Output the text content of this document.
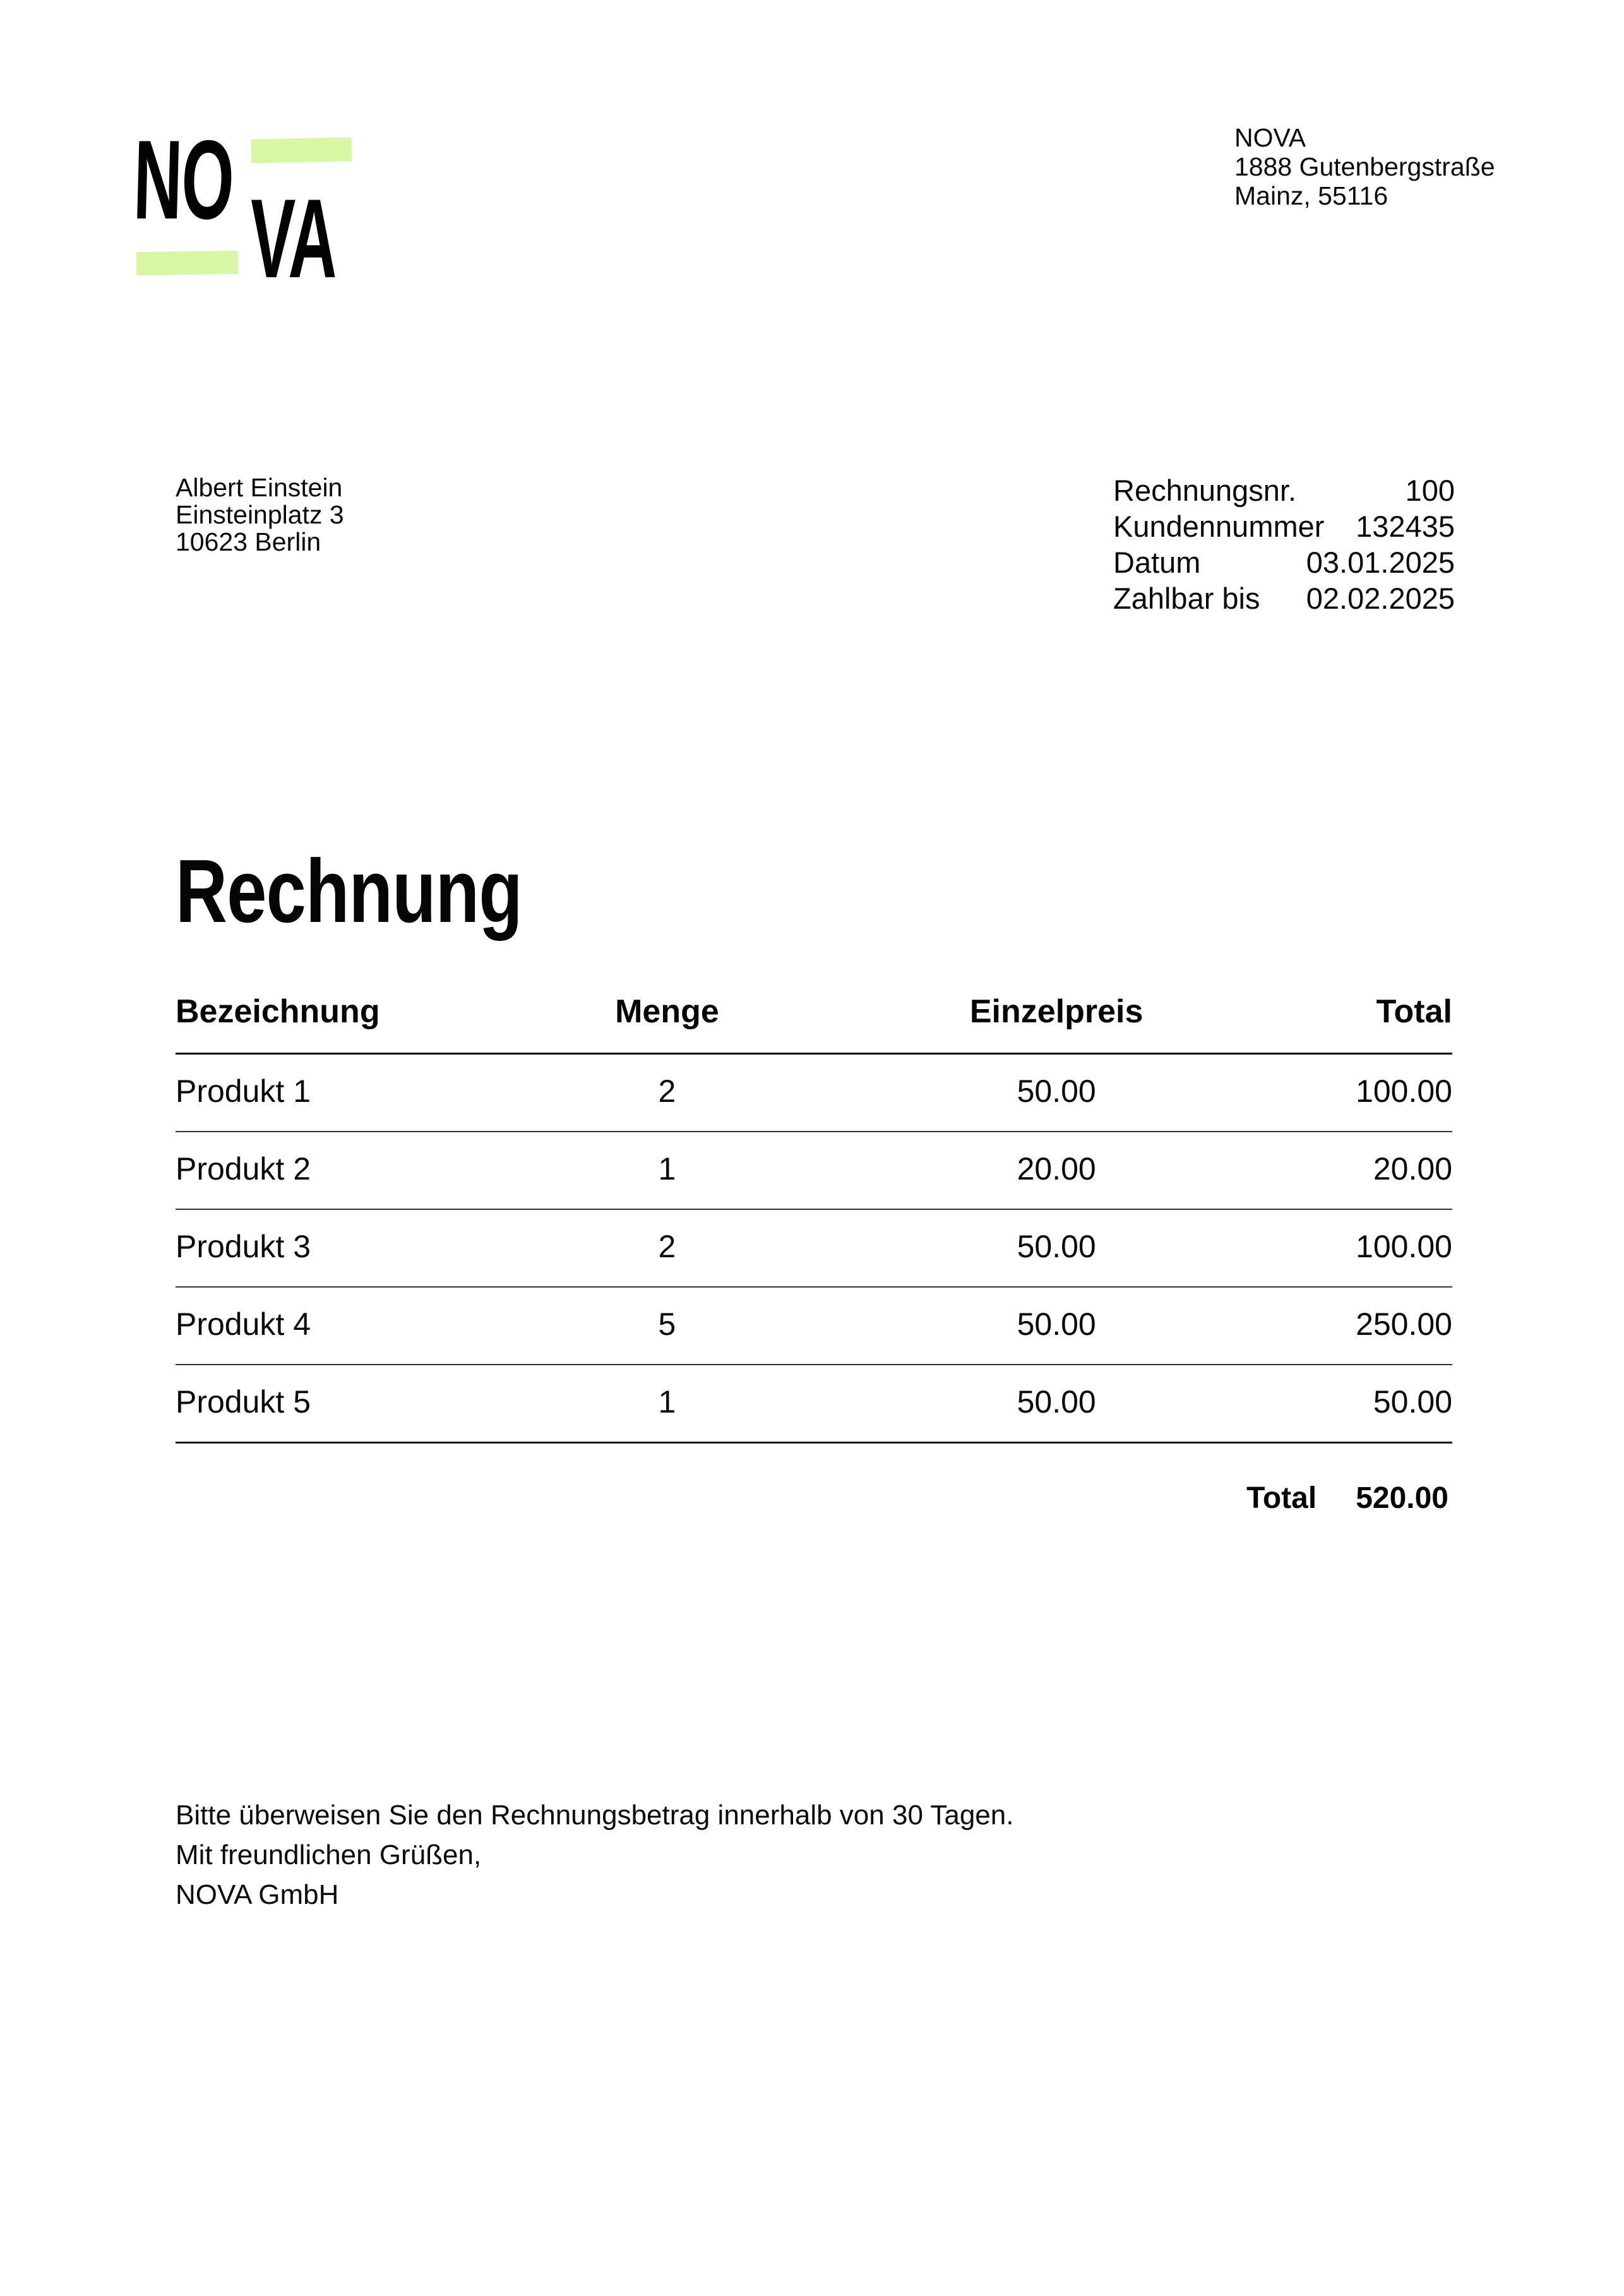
NO VA
NOVA
1888 Gutenbergstraße
Mainz, 55116
Albert Einstein
Einsteinplatz 3
10623 Berlin
Rechnungsnr.	100
Kundennummer 132435
Datum	03.01.2025
Zahlbar bis 02.02.2025
Rechnung
Bezeichnung	Menge	Einzelpreis	Total
Produkt 1	2	50.00	100.00
Produkt 2	1	20.00	20.00
Produkt 3	2	50.00	100.00
Produkt 4	5	50.00	250.00
Produkt 5	1	50.00	50.00
Total 520.00
Bitte überweisen Sie den Rechnungsbetrag innerhalb von 30 Tagen.
Mit freundlichen Grüßen,
NOVA GmbH
